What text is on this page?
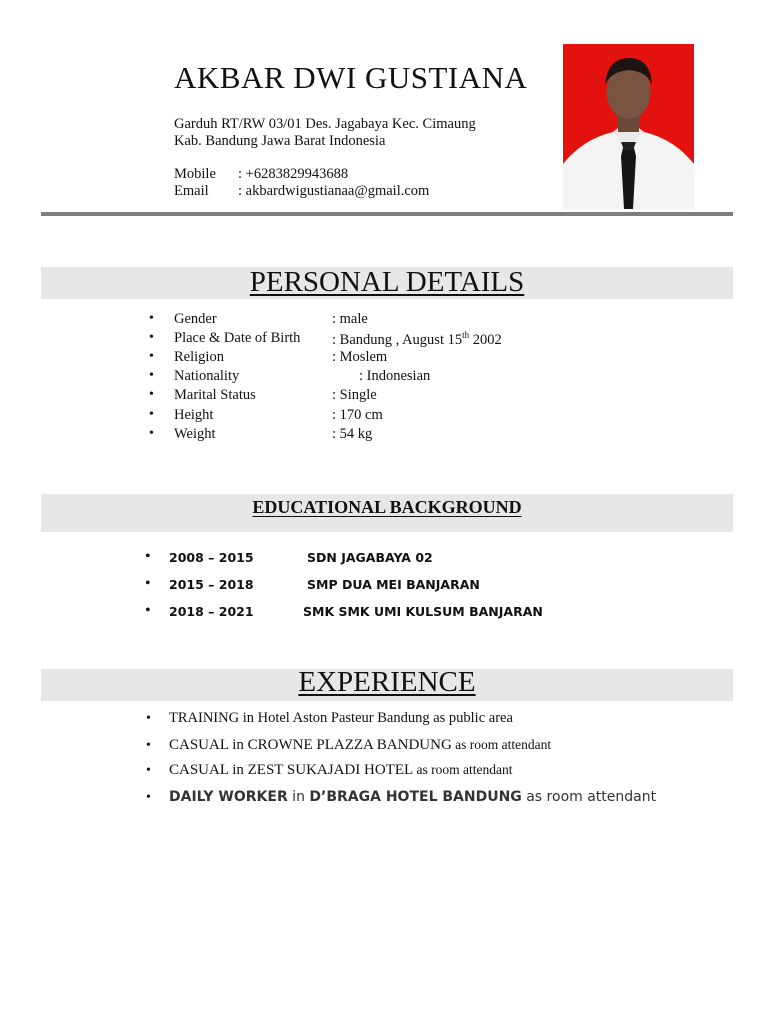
AKBAR DWI GUSTIANA
Garduh RT/RW 03/01 Des. Jagabaya Kec. Cimaung
Kab. Bandung Jawa Barat Indonesia
Mobile : +6283829943688
Email : akbardwigustianaa@gmail.com
PERSONAL DETAILS
• Gender	: male
• Place & Date of Birth : Bandung , August 15th 2002
• Religion	: Moslem
• Nationality	: Indonesian
• Marital Status	: Single
• Height	: 170 cm
• Weight	: 54 kg
EDUCATIONAL BACKGROUND
• 2008 – 2015	SDN JAGABAYA 02
• 2015 – 2018	SMP DUA MEI BANJARAN
• 2018 – 2021	SMK SMK UMI KULSUM BANJARAN
EXPERIENCE
• TRAINING in Hotel Aston Pasteur Bandung as public area
• CASUAL in CROWNE PLAZZA BANDUNG as room attendant
• CASUAL in ZEST SUKAJADI HOTEL as room attendant
• DAILY WORKER in D’BRAGA HOTEL BANDUNG as room attendant
